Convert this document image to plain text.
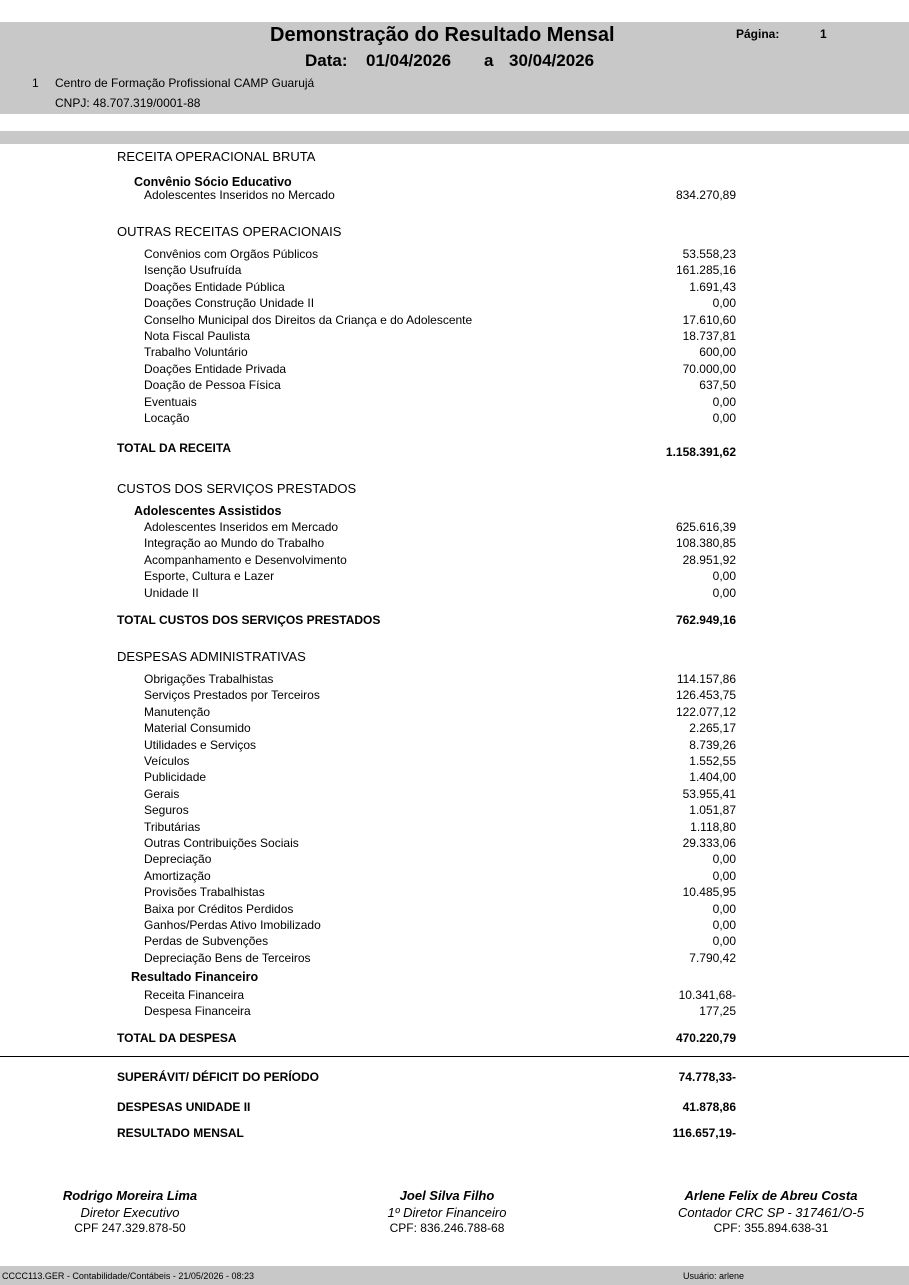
Demonstração do Resultado Mensal	Página:	1
Data: 01/04/2026 a 30/04/2026
1 Centro de Formação Profissional CAMP Guarujá
CNPJ: 48.707.319/0001-88
RECEITA OPERACIONAL BRUTA
Convênio Sócio Educativo
Adolescentes Inseridos no Mercado	834.270,89
OUTRAS RECEITAS OPERACIONAIS
Convênios com Orgãos Públicos	53.558,23
Isenção Usufruída	161.285,16
Doações Entidade Pública	1.691,43
Doações Construção Unidade II	0,00
Conselho Municipal dos Direitos da Criança e do Adolescente	17.610,60
Nota Fiscal Paulista	18.737,81
Trabalho Voluntário	600,00
Doações Entidade Privada	70.000,00
Doação de Pessoa Física	637,50
Eventuais	0,00
Locação	0,00
TOTAL DA RECEITA	1.158.391,62
CUSTOS DOS SERVIÇOS PRESTADOS
Adolescentes Assistidos
Adolescentes Inseridos em Mercado	625.616,39
Integração ao Mundo do Trabalho	108.380,85
Acompanhamento e Desenvolvimento	28.951,92
Esporte, Cultura e Lazer	0,00
Unidade II	0,00
TOTAL CUSTOS DOS SERVIÇOS PRESTADOS	762.949,16
DESPESAS ADMINISTRATIVAS
Obrigações Trabalhistas	114.157,86
Serviços Prestados por Terceiros	126.453,75
Manutenção	122.077,12
Material Consumido	2.265,17
Utilidades e Serviços	8.739,26
Veículos	1.552,55
Publicidade	1.404,00
Gerais	53.955,41
Seguros	1.051,87
Tributárias	1.118,80
Outras Contribuições Sociais	29.333,06
Depreciação	0,00
Amortização	0,00
Provisões Trabalhistas	10.485,95
Baixa por Créditos Perdidos	0,00
Ganhos/Perdas Ativo Imobilizado	0,00
Perdas de Subvenções	0,00
Depreciação Bens de Terceiros	7.790,42
Resultado Financeiro
Receita Financeira	10.341,68-
Despesa Financeira	177,25
TOTAL DA DESPESA	470.220,79
SUPERÁVIT/ DÉFICIT DO PERÍODO	74.778,33-
DESPESAS UNIDADE II	41.878,86
RESULTADO MENSAL	116.657,19-
Rodrigo Moreira Lima
Diretor Executivo
CPF 247.329.878-50
Joel Silva Filho
1º Diretor Financeiro
CPF: 836.246.788-68
Arlene Felix de Abreu Costa
Contador CRC SP - 317461/O-5
CPF: 355.894.638-31
CCCC113.GER - Contabilidade/Contábeis - 21/05/2026 - 08:23	Usuário: arlene
